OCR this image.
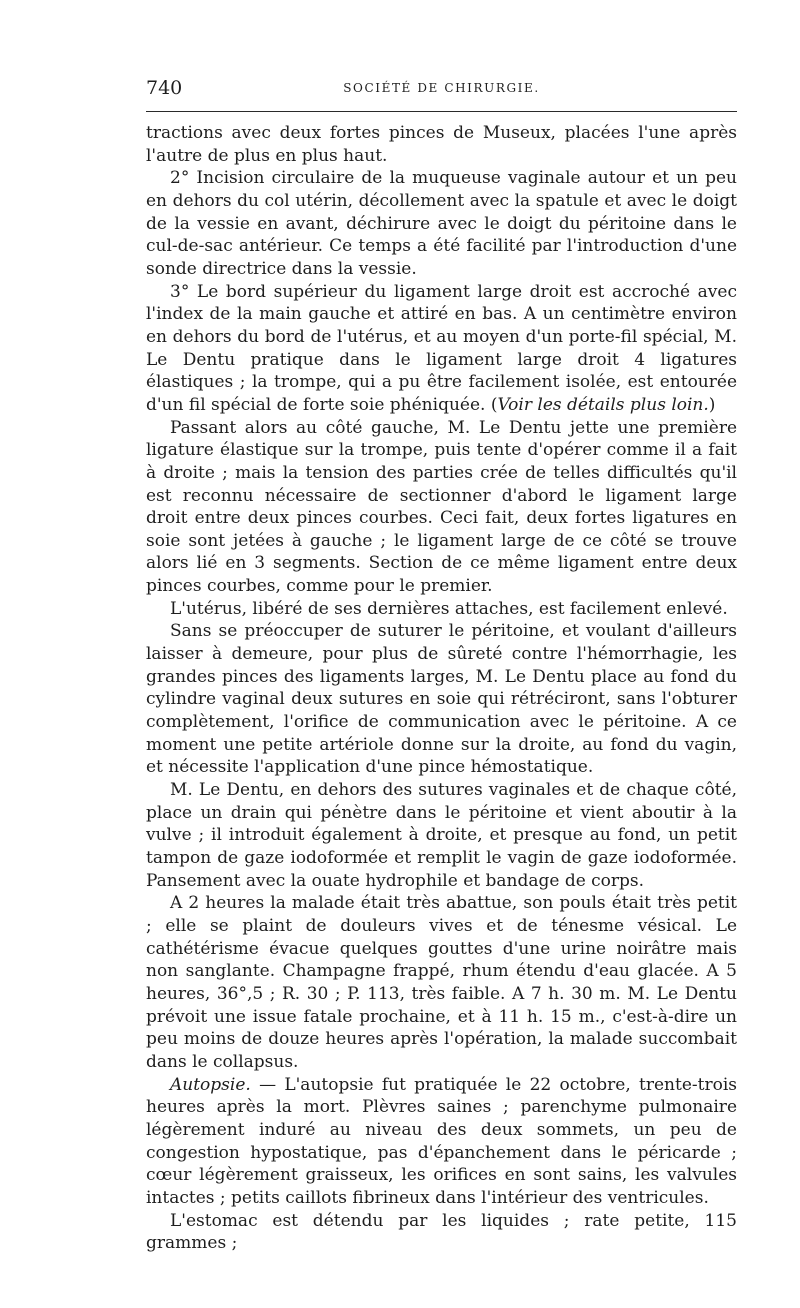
740	SOCIÉTÉ DE CHIRURGIE.

tractions avec deux fortes pinces de Museux, placées l'une après l'autre de plus en plus haut.

2° Incision circulaire de la muqueuse vaginale autour et un peu en dehors du col utérin, décollement avec la spatule et avec le doigt de la vessie en avant, déchirure avec le doigt du péritoine dans le cul-de-sac antérieur. Ce temps a été facilité par l'introduction d'une sonde directrice dans la vessie.

3° Le bord supérieur du ligament large droit est accroché avec l'index de la main gauche et attiré en bas. A un centimètre environ en dehors du bord de l'utérus, et au moyen d'un porte-fil spécial, M. Le Dentu pratique dans le ligament large droit 4 ligatures élastiques ; la trompe, qui a pu être facilement isolée, est entourée d'un fil spécial de forte soie phéniquée. (Voir les détails plus loin.)

Passant alors au côté gauche, M. Le Dentu jette une première ligature élastique sur la trompe, puis tente d'opérer comme il a fait à droite ; mais la tension des parties crée de telles difficultés qu'il est reconnu nécessaire de sectionner d'abord le ligament large droit entre deux pinces courbes. Ceci fait, deux fortes ligatures en soie sont jetées à gauche ; le ligament large de ce côté se trouve alors lié en 3 segments. Section de ce même ligament entre deux pinces courbes, comme pour le premier.

L'utérus, libéré de ses dernières attaches, est facilement enlevé.

Sans se préoccuper de suturer le péritoine, et voulant d'ailleurs laisser à demeure, pour plus de sûreté contre l'hémorrhagie, les grandes pinces des ligaments larges, M. Le Dentu place au fond du cylindre vaginal deux sutures en soie qui rétréciront, sans l'obturer complètement, l'orifice de communication avec le péritoine. A ce moment une petite artériole donne sur la droite, au fond du vagin, et nécessite l'application d'une pince hémostatique.

M. Le Dentu, en dehors des sutures vaginales et de chaque côté, place un drain qui pénètre dans le péritoine et vient aboutir à la vulve ; il introduit également à droite, et presque au fond, un petit tampon de gaze iodoformée et remplit le vagin de gaze iodoformée. Pansement avec la ouate hydrophile et bandage de corps.

A 2 heures la malade était très abattue, son pouls était très petit ; elle se plaint de douleurs vives et de ténesme vésical. Le cathétérisme évacue quelques gouttes d'une urine noirâtre mais non sanglante. Champagne frappé, rhum étendu d'eau glacée. A 5 heures, 36°,5 ; R. 30 ; P. 113, très faible. A 7 h. 30 m. M. Le Dentu prévoit une issue fatale prochaine, et à 11 h. 15 m., c'est-à-dire un peu moins de douze heures après l'opération, la malade succombait dans le collapsus.

Autopsie. — L'autopsie fut pratiquée le 22 octobre, trente-trois heures après la mort. Plèvres saines ; parenchyme pulmonaire légèrement induré au niveau des deux sommets, un peu de congestion hypostatique, pas d'épanchement dans le péricarde ; cœur légèrement graisseux, les orifices en sont sains, les valvules intactes ; petits caillots fibrineux dans l'intérieur des ventricules.

L'estomac est détendu par les liquides ; rate petite, 115 grammes ;
